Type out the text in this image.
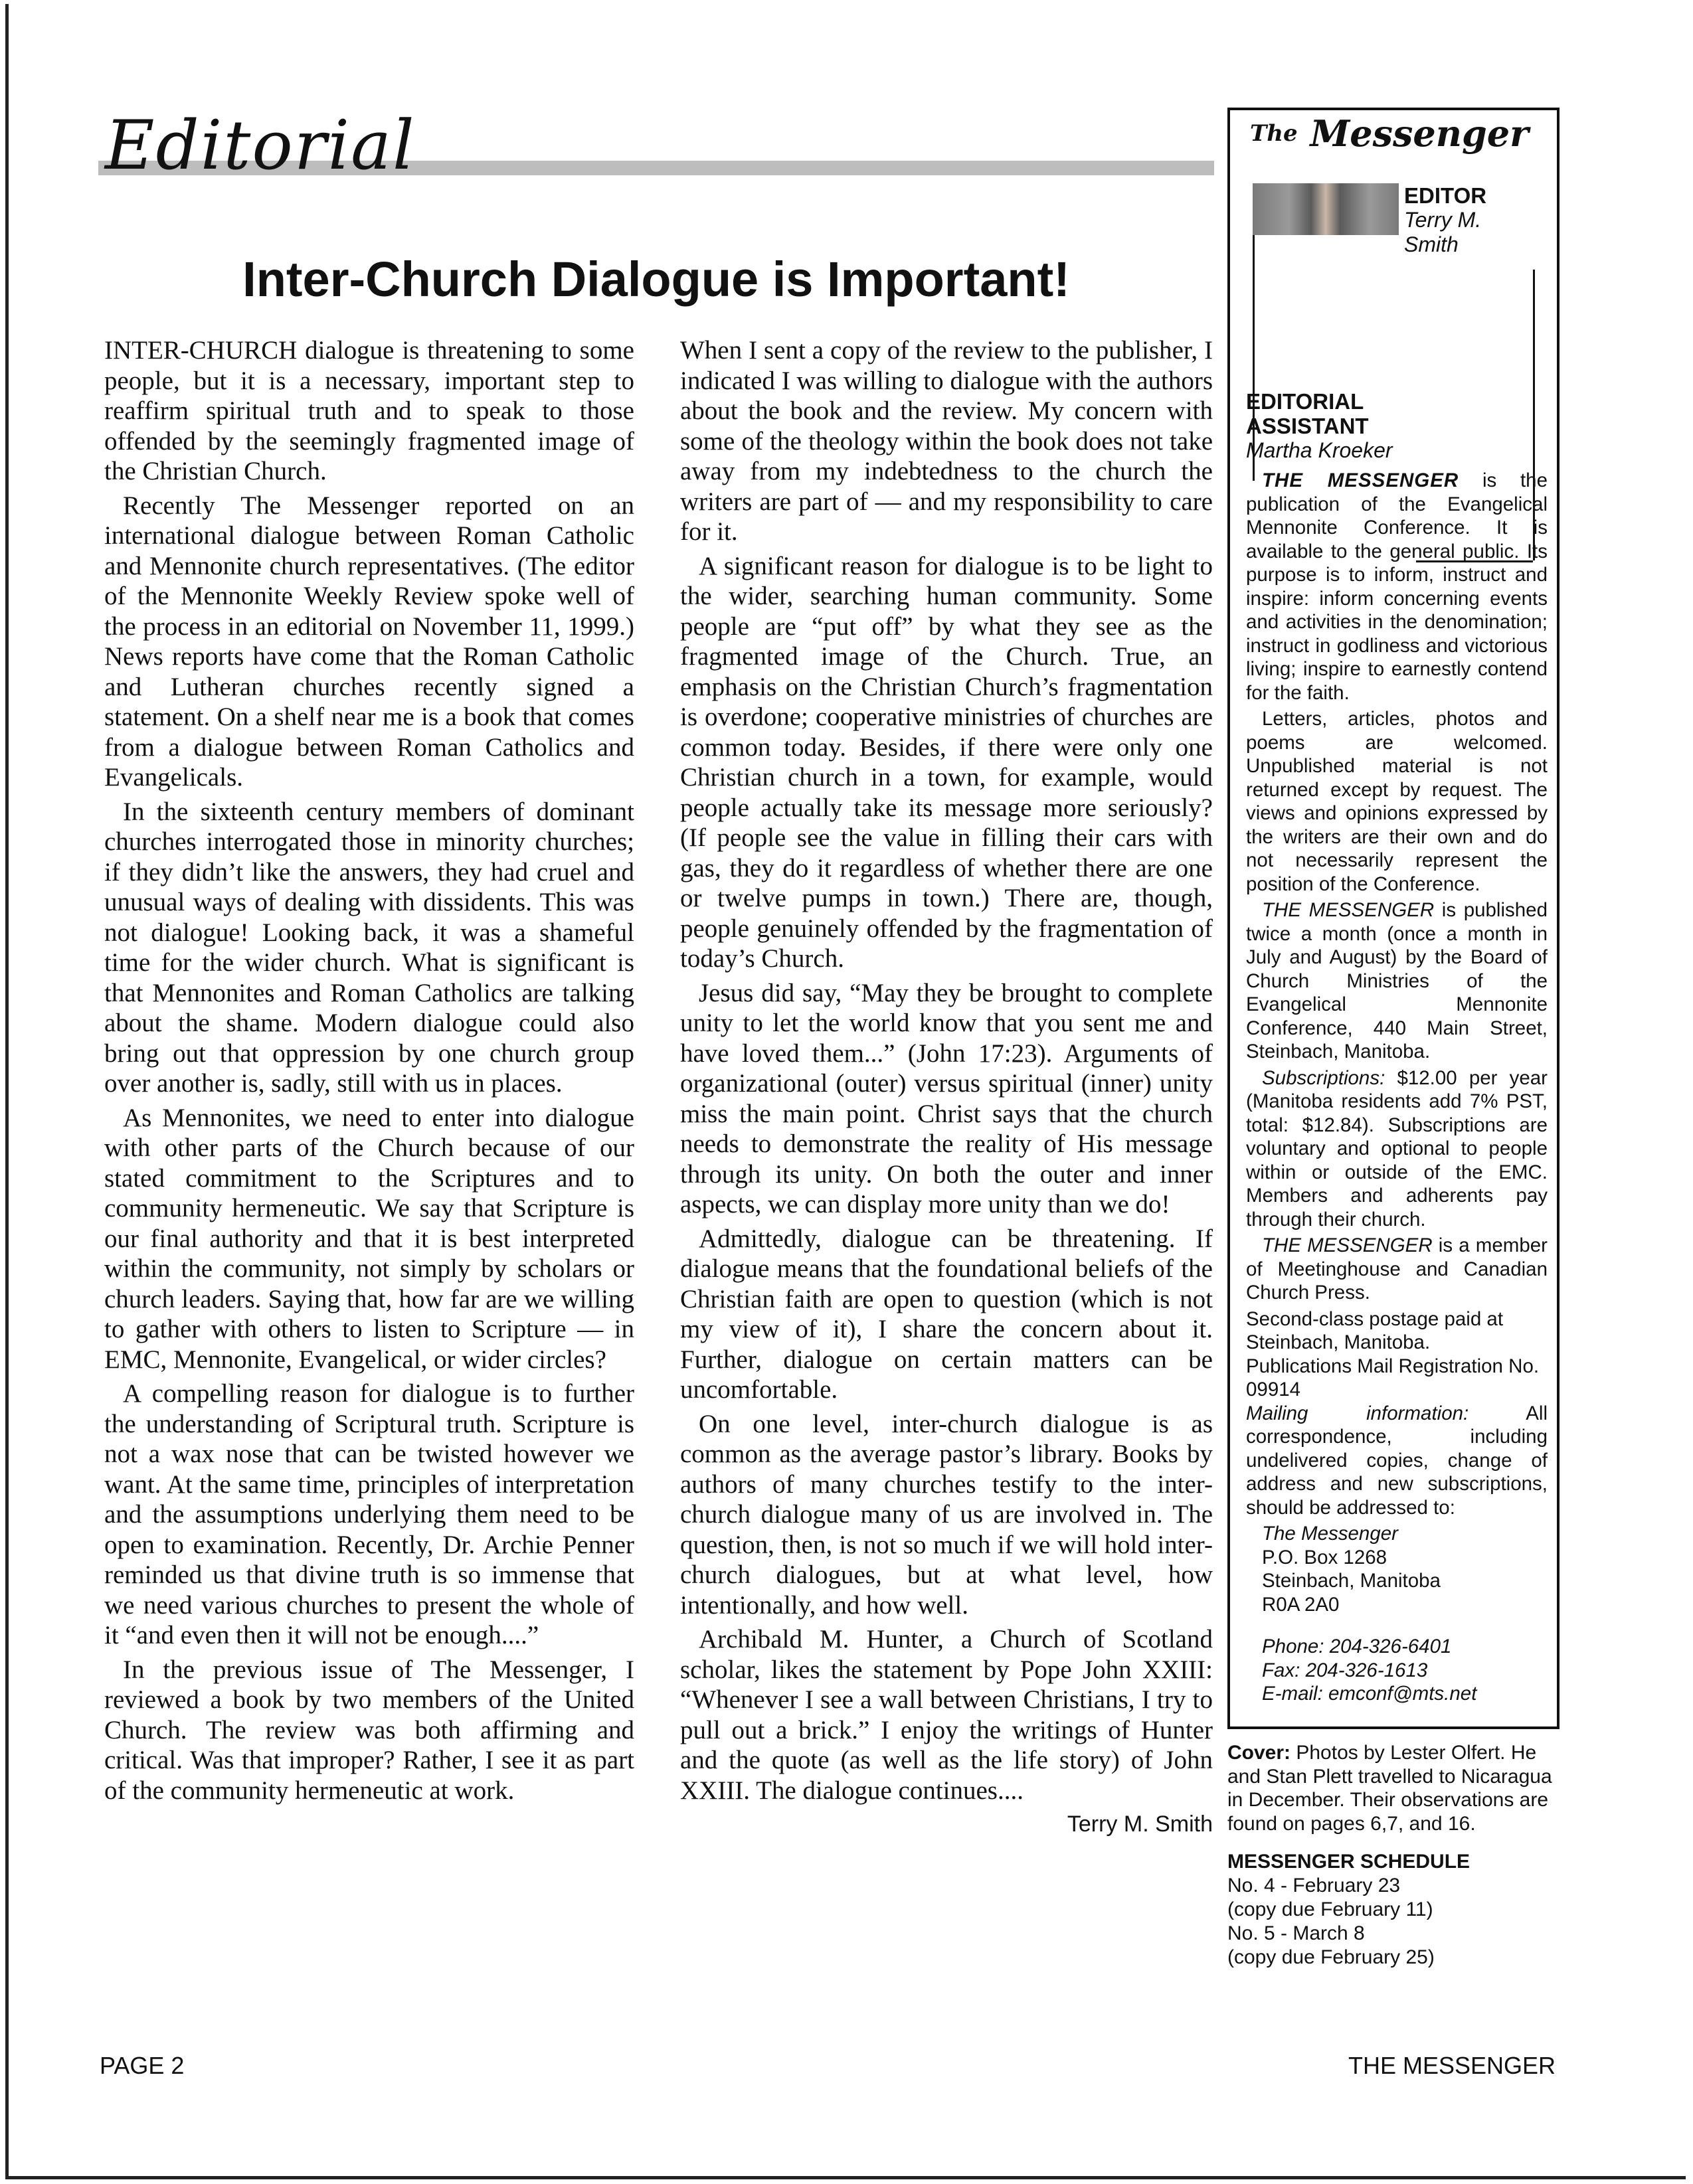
Editorial
Inter-Church Dialogue is Important!

INTER-CHURCH dialogue is threatening to some people, but it is a necessary, important step to reaffirm spiritual truth and to speak to those offended by the seemingly fragmented image of the Christian Church.

Recently The Messenger reported on an international dialogue between Roman Catholic and Mennonite church representatives. (The editor of the Mennonite Weekly Review spoke well of the process in an editorial on November 11, 1999.) News reports have come that the Roman Catholic and Lutheran churches recently signed a statement. On a shelf near me is a book that comes from a dialogue between Roman Catholics and Evangelicals.

In the sixteenth century members of dominant churches interrogated those in minority churches; if they didn’t like the answers, they had cruel and unusual ways of dealing with dissidents. This was not dialogue! Looking back, it was a shameful time for the wider church. What is significant is that Mennonites and Roman Catholics are talking about the shame. Modern dialogue could also bring out that oppression by one church group over another is, sadly, still with us in places.

As Mennonites, we need to enter into dialogue with other parts of the Church because of our stated commitment to the Scriptures and to community hermeneutic. We say that Scripture is our final authority and that it is best interpreted within the community, not simply by scholars or church leaders. Saying that, how far are we willing to gather with others to listen to Scripture — in EMC, Mennonite, Evangelical, or wider circles?

A compelling reason for dialogue is to further the understanding of Scriptural truth. Scripture is not a wax nose that can be twisted however we want. At the same time, principles of interpretation and the assumptions underlying them need to be open to examination. Recently, Dr. Archie Penner reminded us that divine truth is so immense that we need various churches to present the whole of it “and even then it will not be enough....”

In the previous issue of The Messenger, I reviewed a book by two members of the United Church. The review was both affirming and critical. Was that improper? Rather, I see it as part of the community hermeneutic at work.

When I sent a copy of the review to the publisher, I indicated I was willing to dialogue with the authors about the book and the review. My concern with some of the theology within the book does not take away from my indebtedness to the church the writers are part of — and my responsibility to care for it.

A significant reason for dialogue is to be light to the wider, searching human community. Some people are “put off” by what they see as the fragmented image of the Church. True, an emphasis on the Christian Church’s fragmentation is overdone; cooperative ministries of churches are common today. Besides, if there were only one Christian church in a town, for example, would people actually take its message more seriously? (If people see the value in filling their cars with gas, they do it regardless of whether there are one or twelve pumps in town.) There are, though, people genuinely offended by the fragmentation of today’s Church.

Jesus did say, “May they be brought to complete unity to let the world know that you sent me and have loved them...” (John 17:23). Arguments of organizational (outer) versus spiritual (inner) unity miss the main point. Christ says that the church needs to demonstrate the reality of His message through its unity. On both the outer and inner aspects, we can display more unity than we do!

Admittedly, dialogue can be threatening. If dialogue means that the foundational beliefs of the Christian faith are open to question (which is not my view of it), I share the concern about it. Further, dialogue on certain matters can be uncomfortable.

On one level, inter-church dialogue is as common as the average pastor’s library. Books by authors of many churches testify to the inter-church dialogue many of us are involved in. The question, then, is not so much if we will hold inter-church dialogues, but at what level, how intentionally, and how well.

Archibald M. Hunter, a Church of Scotland scholar, likes the statement by Pope John XXIII: “Whenever I see a wall between Christians, I try to pull out a brick.” I enjoy the writings of Hunter and the quote (as well as the life story) of John XXIII. The dialogue continues....

Terry M. Smith

$^{The}$ Messenger
EDITOR
Terry M. Smith
EDITORIAL ASSISTANT
Martha Kroeker

THE MESSENGER is the publication of the Evangelical Mennonite Conference. It is available to the general public. Its purpose is to inform, instruct and inspire: inform concerning events and activities in the denomination; instruct in godliness and victorious living; inspire to earnestly contend for the faith.

Letters, articles, photos and poems are welcomed. Unpublished material is not returned except by request. The views and opinions expressed by the writers are their own and do not necessarily represent the position of the Conference.

THE MESSENGER is published twice a month (once a month in July and August) by the Board of Church Ministries of the Evangelical Mennonite Conference, 440 Main Street, Steinbach, Manitoba.

Subscriptions: $12.00 per year (Manitoba residents add 7% PST, total: $12.84). Subscriptions are voluntary and optional to people within or outside of the EMC. Members and adherents pay through their church.

THE MESSENGER is a member of Meetinghouse and Canadian Church Press.

Second-class postage paid at Steinbach, Manitoba.

Publications Mail Registration No. 09914

Mailing information: All correspondence, including undelivered copies, change of address and new subscriptions, should be addressed to:

The Messenger

P.O. Box 1268

Steinbach, Manitoba

R0A 2A0

Phone: 204-326-6401

Fax: 204-326-1613

E-mail: emconf@mts.net

Cover: Photos by Lester Olfert. He and Stan Plett travelled to Nicaragua in December. Their observations are found on pages 6,7, and 16.
MESSENGER SCHEDULE
No. 4 - February 23
(copy due February 11)
No. 5 - March 8
(copy due February 25)
PAGE 2	THE MESSENGER
